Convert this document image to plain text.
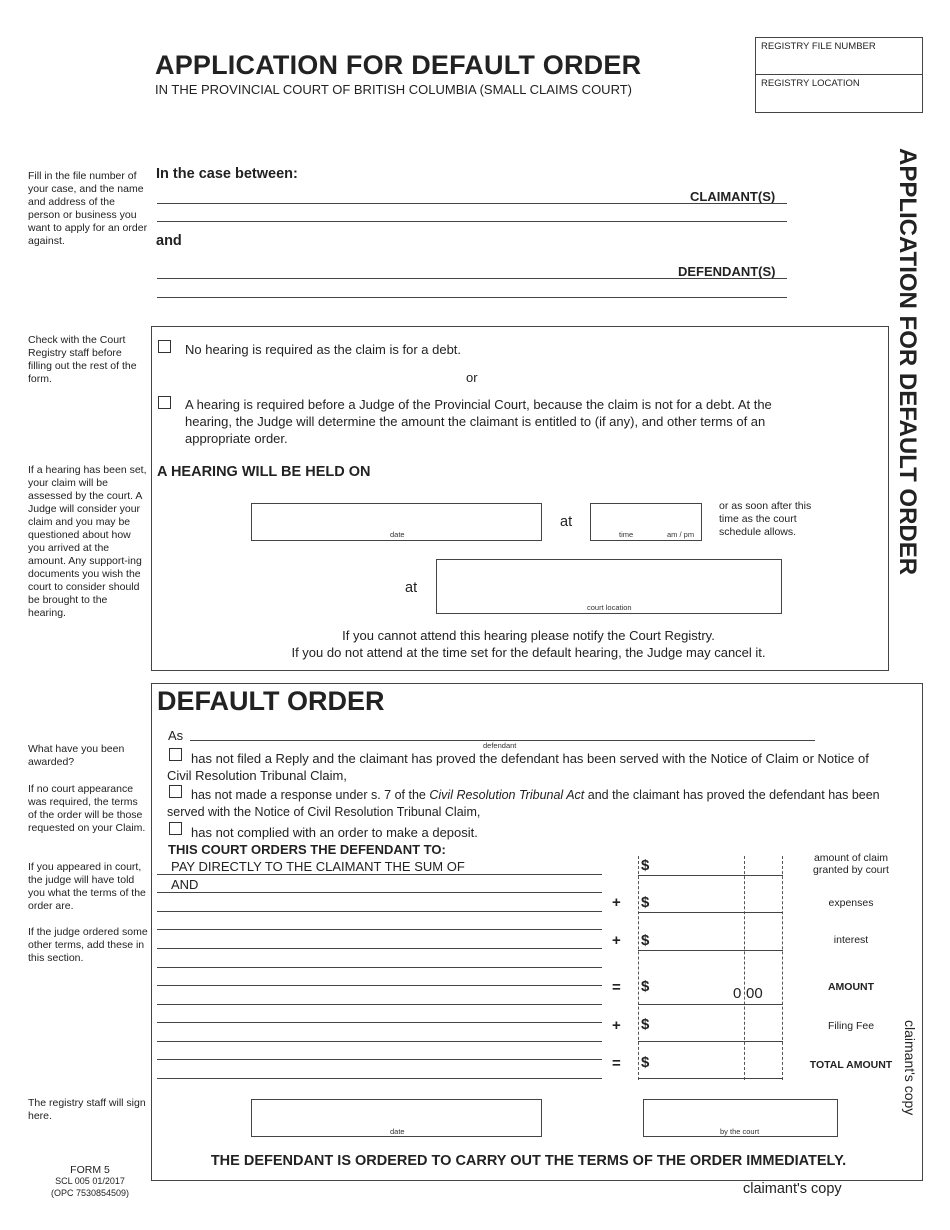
APPLICATION FOR DEFAULT ORDER
IN THE PROVINCIAL COURT OF BRITISH COLUMBIA (SMALL CLAIMS COURT)
REGISTRY FILE NUMBER
REGISTRY LOCATION
APPLICATION FOR DEFAULT ORDER
claimant's copy
Fill in the file number of your case, and the name and address of the person or business you want to apply for an order against.
Check with the Court Registry staff before filling out the rest of the form.
If a hearing has been set, your claim will be assessed by the court. A Judge will consider your claim and you may be questioned about how you arrived at the amount. Any support-ing documents you wish the court to consider should be brought to the hearing.
What have you been awarded?
If no court appearance was required, the terms of the order will be those requested on your Claim.
If you appeared in court, the judge will have told you what the terms of the order are.
If the judge ordered some other terms, add these in this section.
The registry staff will sign here.
In the case between:
CLAIMANT(S)
and
DEFENDANT(S)
No hearing is required as the claim is for a debt.
or
A hearing is required before a Judge of the Provincial Court, because the claim is not for a debt. At the hearing, the Judge will determine the amount the claimant is entitled to (if any), and other terms of an appropriate order.
A HEARING WILL BE HELD ON
date
at
time	am / pm
or as soon after this time as the court schedule allows.
at
court location
If you cannot attend this hearing please notify the Court Registry.
If you do not attend at the time set for the default hearing, the Judge may cancel it.
DEFAULT ORDER
As
defendant
has not filed a Reply and the claimant has proved the defendant has been served with the Notice of Claim or Notice of Civil Resolution Tribunal Claim,
has not made a response under s. 7 of the Civil Resolution Tribunal Act and the claimant has proved the defendant has been served with the Notice of Civil Resolution Tribunal Claim,
has not complied with an order to make a deposit.
THIS COURT ORDERS THE DEFENDANT TO:
PAY DIRECTLY TO THE CLAIMANT THE SUM OF
AND
$	amount of claim granted by court
+ $	expenses
+ $	interest
= $	0 00	AMOUNT
+ $	Filing Fee
= $	TOTAL AMOUNT
date	by the court
THE DEFENDANT IS ORDERED TO CARRY OUT THE TERMS OF THE ORDER IMMEDIATELY.
FORM 5
SCL 005 01/2017
(OPC 7530854509)	claimant's copy
